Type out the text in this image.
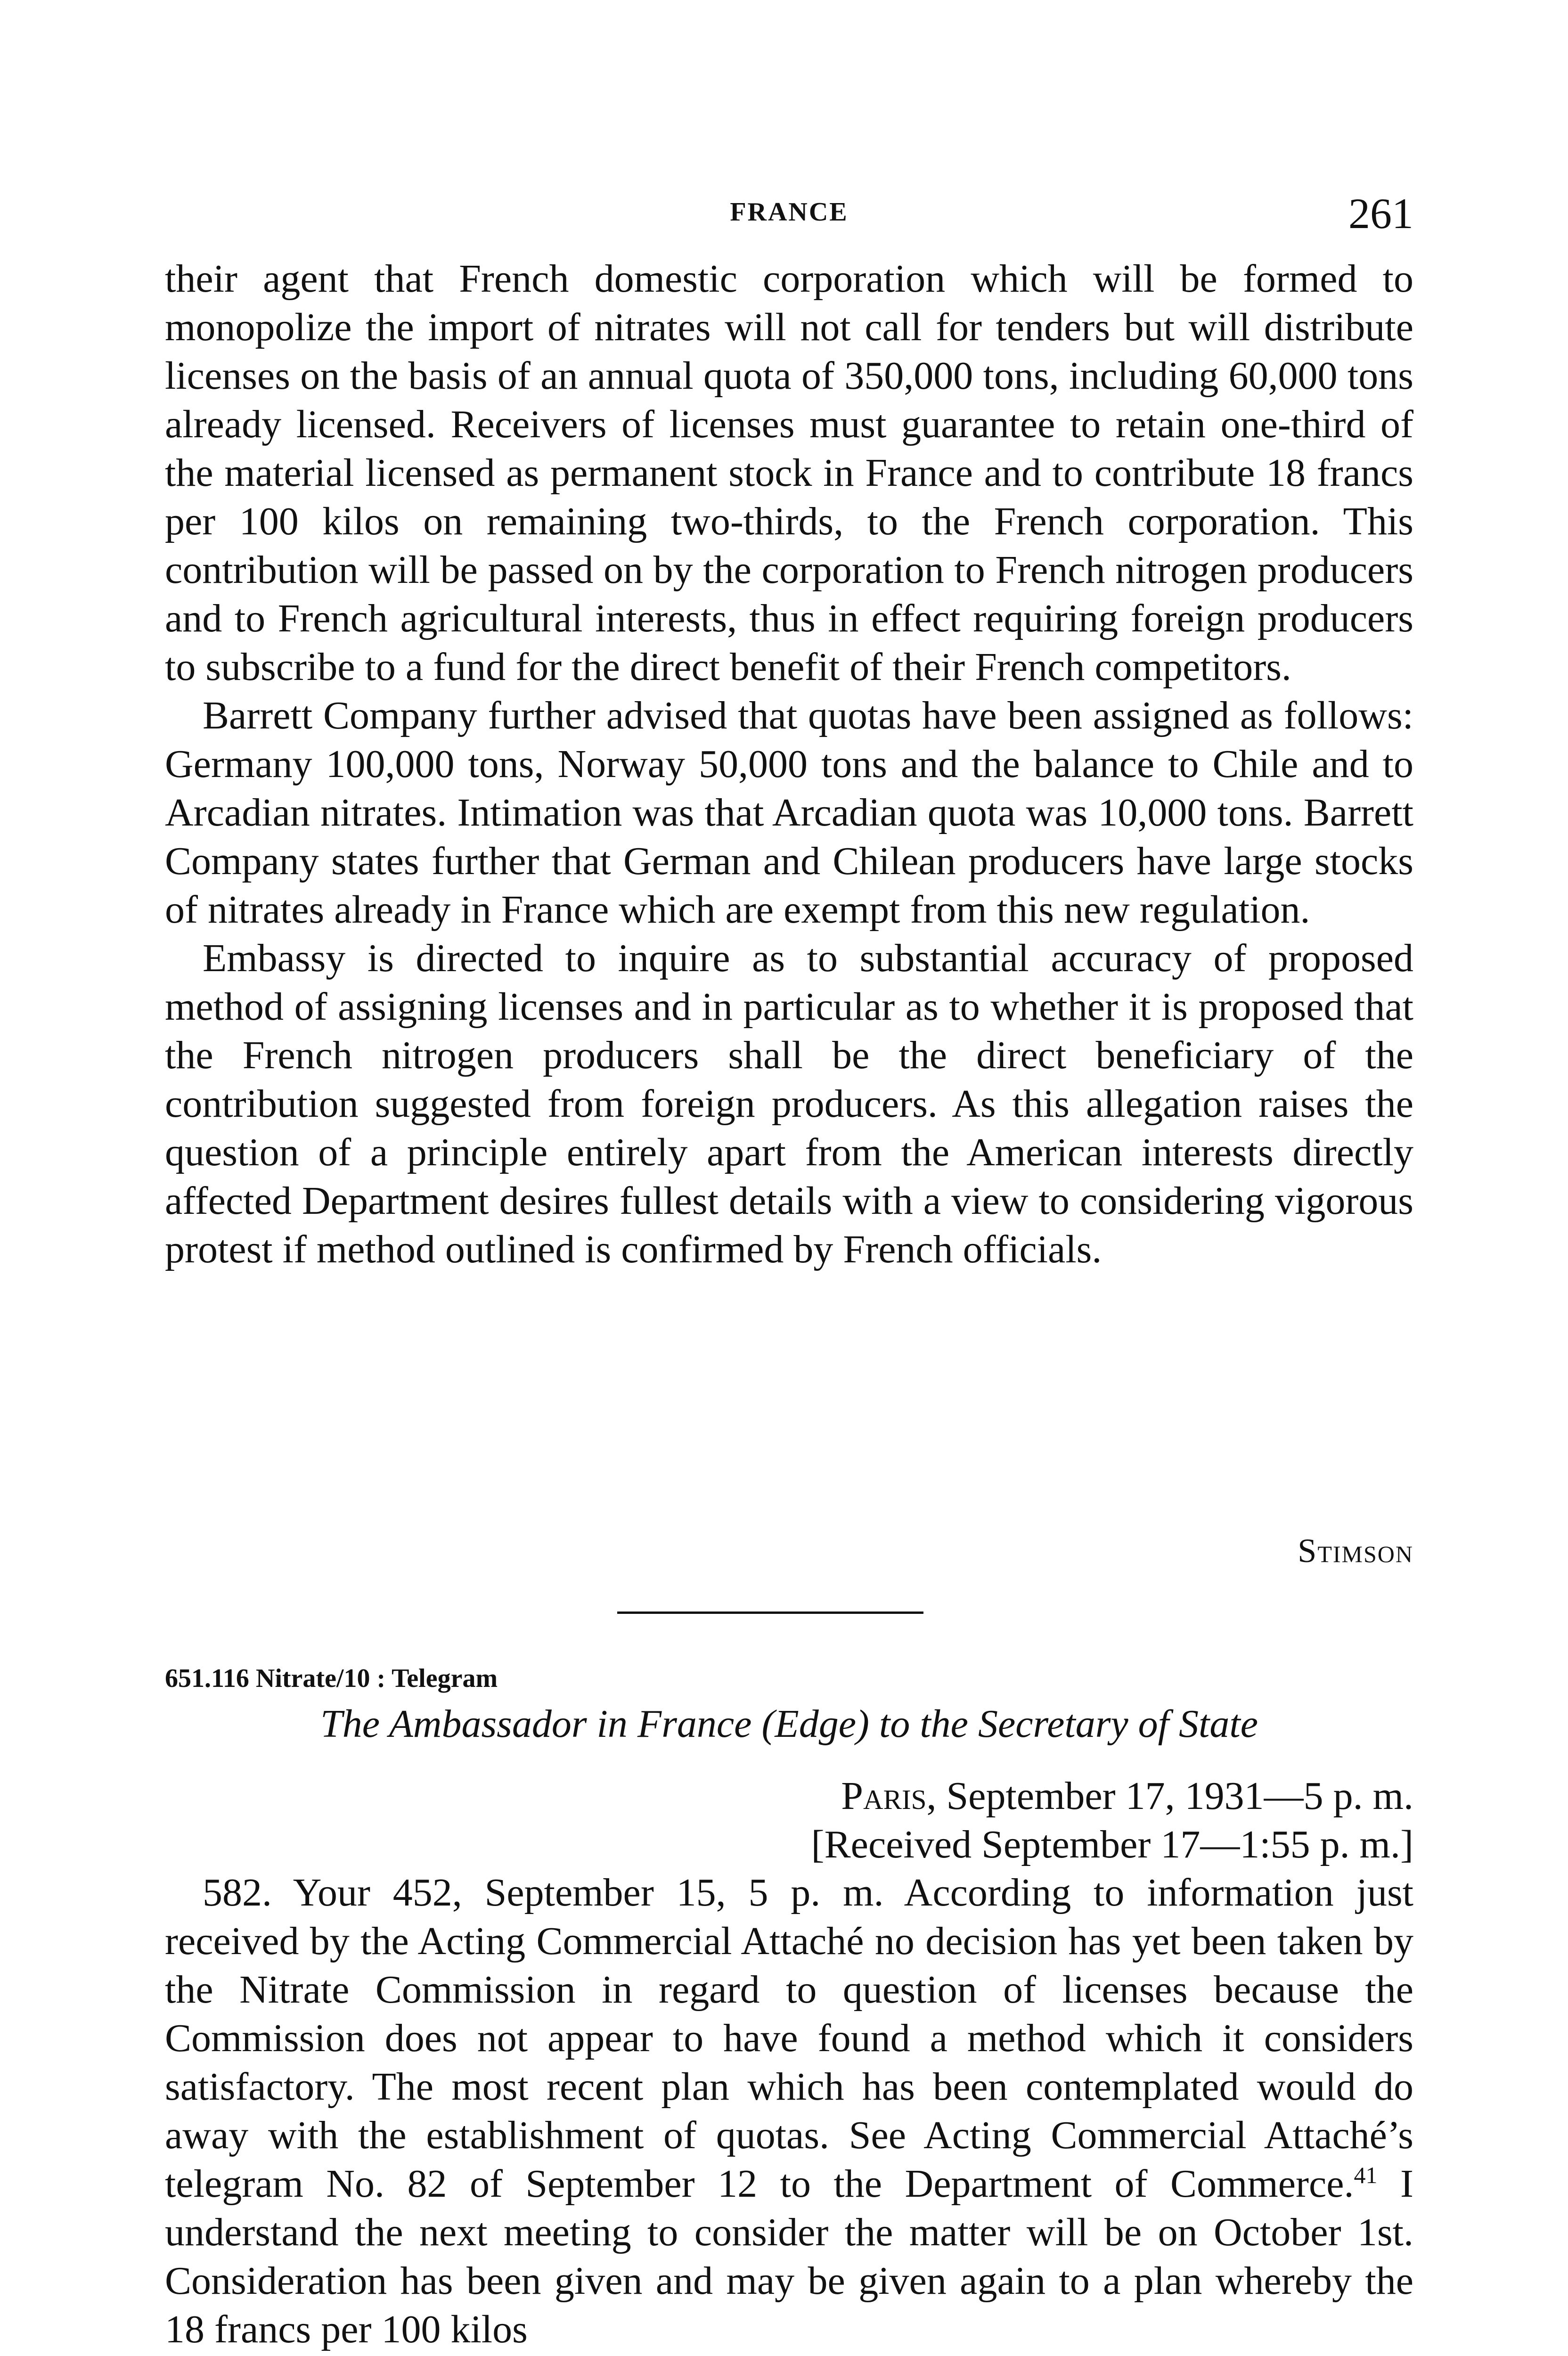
FRANCE	261

their agent that French domestic corporation which will be formed to monopolize the import of nitrates will not call for tenders but will distribute licenses on the basis of an annual quota of 350,000 tons, including 60,000 tons already licensed. Receivers of licenses must guarantee to retain one-third of the material licensed as permanent stock in France and to contribute 18 francs per 100 kilos on remaining two-thirds, to the French corporation. This contribution will be passed on by the corporation to French nitrogen producers and to French agricultural interests, thus in effect requiring foreign producers to subscribe to a fund for the direct benefit of their French competitors.

Barrett Company further advised that quotas have been assigned as follows: Germany 100,000 tons, Norway 50,000 tons and the balance to Chile and to Arcadian nitrates. Intimation was that Arcadian quota was 10,000 tons. Barrett Company states further that German and Chilean producers have large stocks of nitrates already in France which are exempt from this new regulation.

Embassy is directed to inquire as to substantial accuracy of proposed method of assigning licenses and in particular as to whether it is proposed that the French nitrogen producers shall be the direct beneficiary of the contribution suggested from foreign producers. As this allegation raises the question of a principle entirely apart from the American interests directly affected Department desires fullest details with a view to considering vigorous protest if method outlined is confirmed by French officials.

Stimson
651.116 Nitrate/10 : Telegram
The Ambassador in France (Edge) to the Secretary of State
Paris, September 17, 1931—5 p. m.
[Received September 17—1:55 p. m.]

582. Your 452, September 15, 5 p. m. According to information just received by the Acting Commercial Attaché no decision has yet been taken by the Nitrate Commission in regard to question of licenses because the Commission does not appear to have found a method which it considers satisfactory. The most recent plan which has been contemplated would do away with the establishment of quotas. See Acting Commercial Attaché’s telegram No. 82 of September 12 to the Department of Commerce.$^{41}$ I understand the next meeting to consider the matter will be on October 1st. Consideration has been given and may be given again to a plan whereby the 18 francs per 100 kilos
